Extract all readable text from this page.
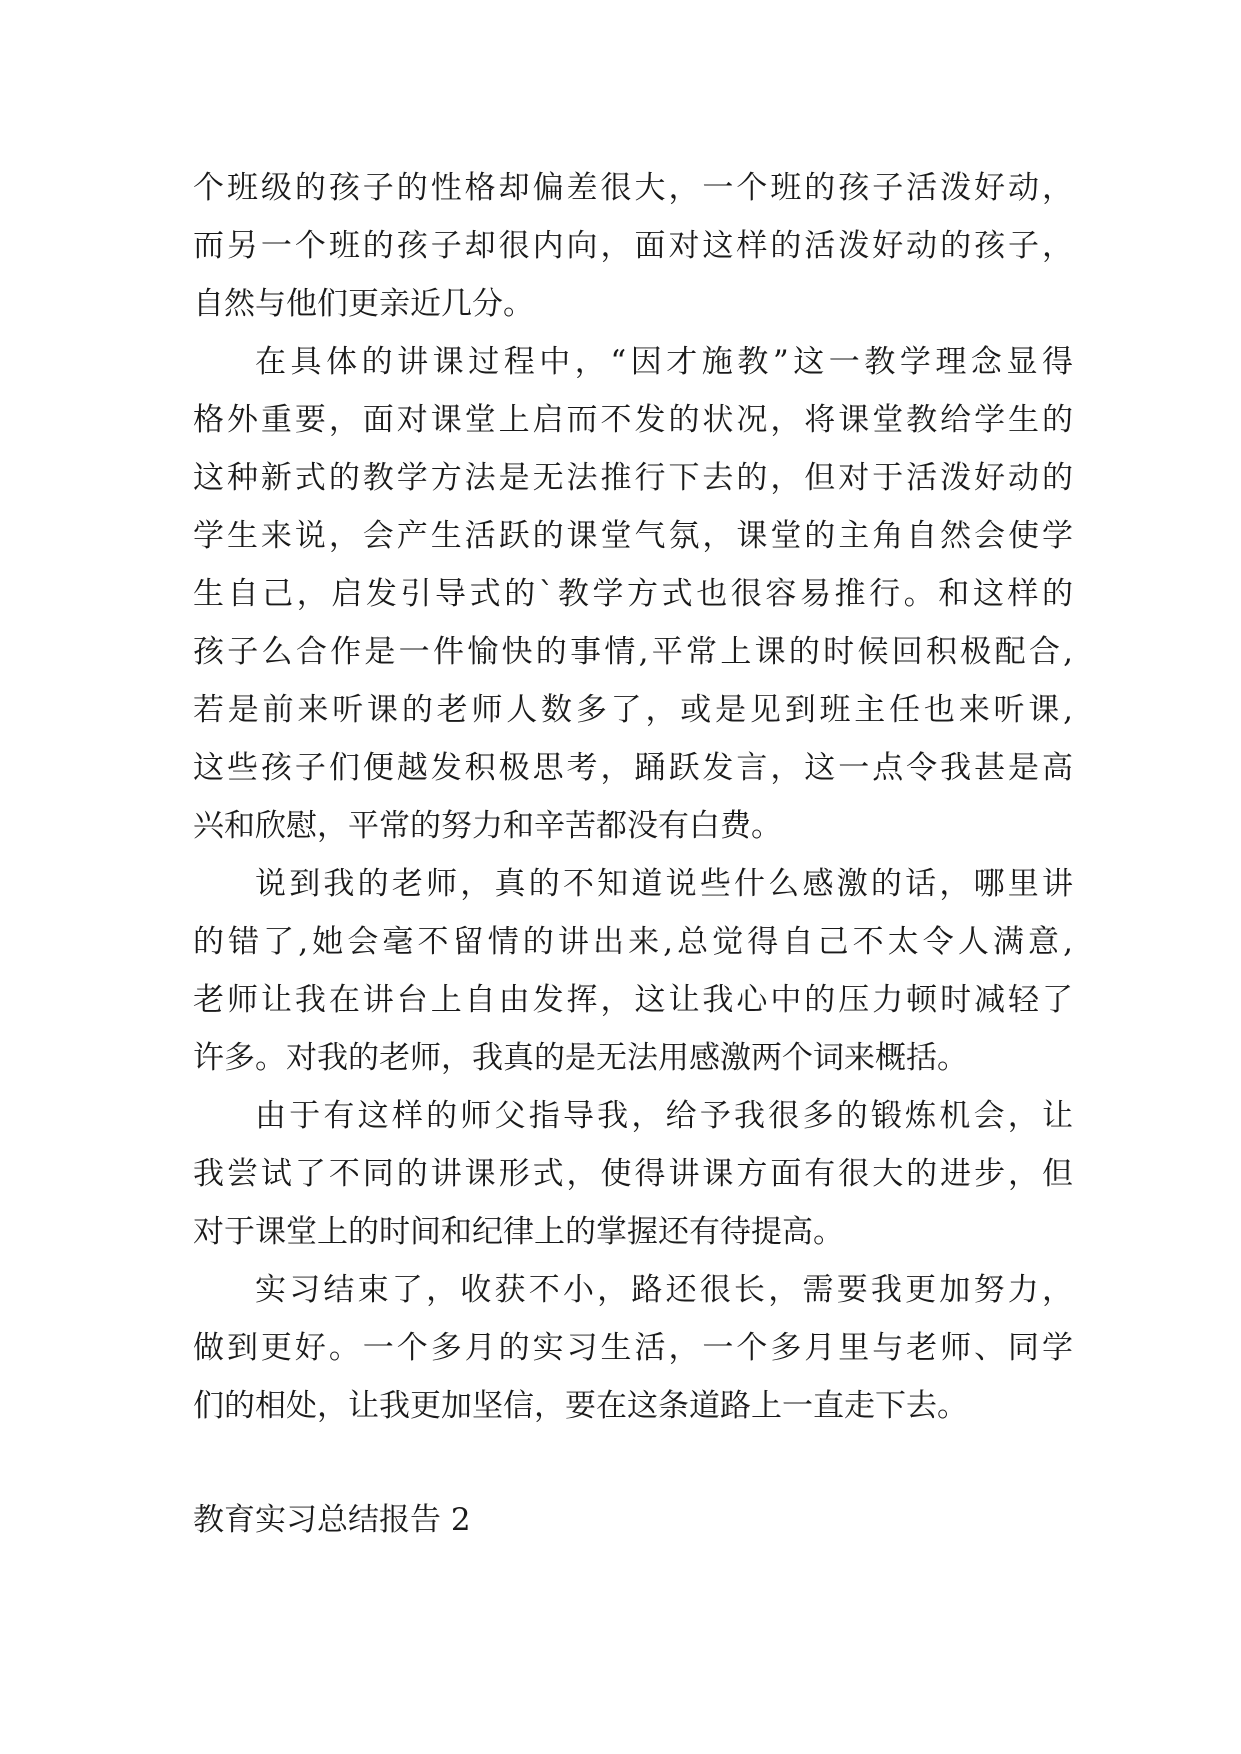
个班级的孩子的性格却偏差很大，一个班的孩子活泼好动，
而另一个班的孩子却很内向，面对这样的活泼好动的孩子，
自然与他们更亲近几分。
在具体的讲课过程中，“因才施教”这一教学理念显得
格外重要，面对课堂上启而不发的状况，将课堂教给学生的
这种新式的教学方法是无法推行下去的，但对于活泼好动的
学生来说，会产生活跃的课堂气氛，课堂的主角自然会使学
生自己，启发引导式的`教学方式也很容易推行。和这样的
孩子么合作是一件愉快的事情,平常上课的时候回积极配合,
若是前来听课的老师人数多了，或是见到班主任也来听课,
这些孩子们便越发积极思考，踊跃发言，这一点令我甚是高
兴和欣慰，平常的努力和辛苦都没有白费。
说到我的老师，真的不知道说些什么感激的话，哪里讲
的错了,她会毫不留情的讲出来,总觉得自己不太令人满意,
老师让我在讲台上自由发挥，这让我心中的压力顿时减轻了
许多。对我的老师，我真的是无法用感激两个词来概括。
由于有这样的师父指导我，给予我很多的锻炼机会，让
我尝试了不同的讲课形式，使得讲课方面有很大的进步，但
对于课堂上的时间和纪律上的掌握还有待提高。
实习结束了，收获不小，路还很长，需要我更加努力，
做到更好。一个多月的实习生活，一个多月里与老师、同学
们的相处，让我更加坚信，要在这条道路上一直走下去。
教育实习总结报告 2
